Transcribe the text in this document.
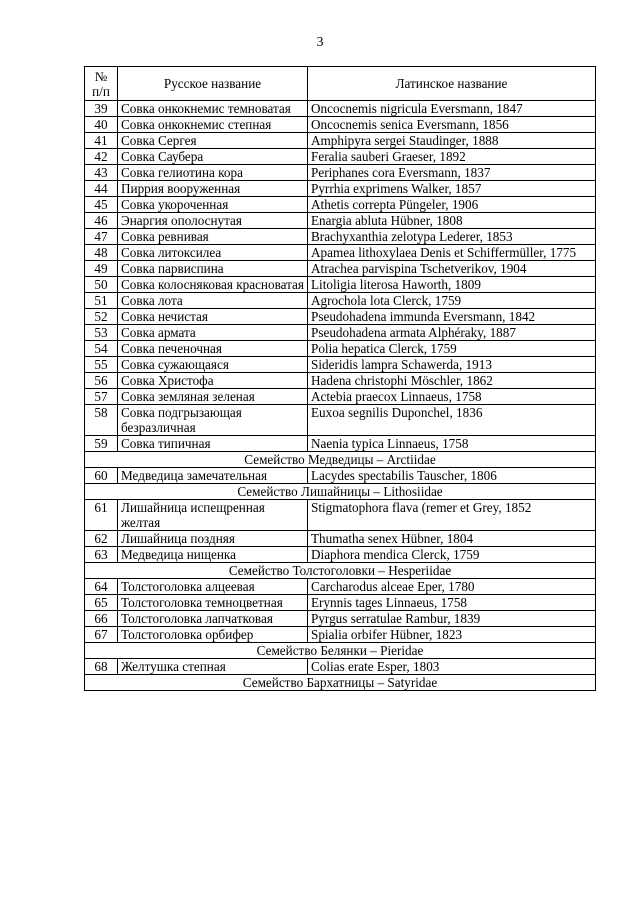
3
№
п/п	Русское название	Латинское название
39	Совка онкокнемис темноватая	Oncocnemis nigricula Eversmann, 1847
40	Совка онкокнемис степная	Oncocnemis senica Eversmann, 1856
41	Совка Сергея	Amphipyra sergei Staudinger, 1888
42	Совка Саубера	Feralia sauberi Graeser, 1892
43	Совка гелиотина кора	Periphanes cora Eversmann, 1837
44	Пиррия вооруженная	Pyrrhia exprimens Walker, 1857
45	Совка укороченная	Athetis correpta Püngeler, 1906
46	Энаргия ополоснутая	Enargia abluta Hübner, 1808
47	Совка ревнивая	Brachyxanthia zelotypa Lederer, 1853
48	Совка литоксилеа	Apamea lithoxylaea Denis et Schiffermüller, 1775
49	Совка парвиспина	Atrachea parvispina Tschetverikov, 1904
50	Совка колосняковая красноватая	Litoligia literosa Haworth, 1809
51	Совка лота	Agrochola lota Clerck, 1759
52	Совка нечистая	Pseudohadena immunda Eversmann, 1842
53	Совка армата	Pseudohadena armata Alphéraky, 1887
54	Совка печеночная	Polia hepatica Clerck, 1759
55	Совка сужающаяся	Sideridis lampra Schawerda, 1913
56	Совка Христофа	Hadena christophi Möschler, 1862
57	Совка земляная зеленая	Actebia praecox Linnaeus, 1758
58	Совка подгрызающая безразличная	Euxoa segnilis Duponchel, 1836
59	Совка типичная	Naenia typica Linnaeus, 1758
Семейство Медведицы – Arctiidae		
60	Медведица замечательная	Lacydes spectabilis Tauscher, 1806
Семейство Лишайницы – Lithosiidae		
61	Лишайница испещренная желтая	Stigmatophora flava (remer et Grey, 1852
62	Лишайница поздняя	Thumatha senex Hübner, 1804
63	Медведица нищенка	Diaphora mendica Clerck, 1759
Семейство Толстоголовки – Hesperiidae		
64	Толстоголовка алцеевая	Carcharodus alceae Eper, 1780
65	Толстоголовка темноцветная	Erynnis tages Linnaeus, 1758
66	Толстоголовка лапчатковая	Pyrgus serratulae Rambur, 1839
67	Толстоголовка орбифер	Spialia orbifer Hübner, 1823
Семейство Белянки – Pieridae		
68	Желтушка степная	Colias erate Esper, 1803
Семейство Бархатницы – Satyridae		
